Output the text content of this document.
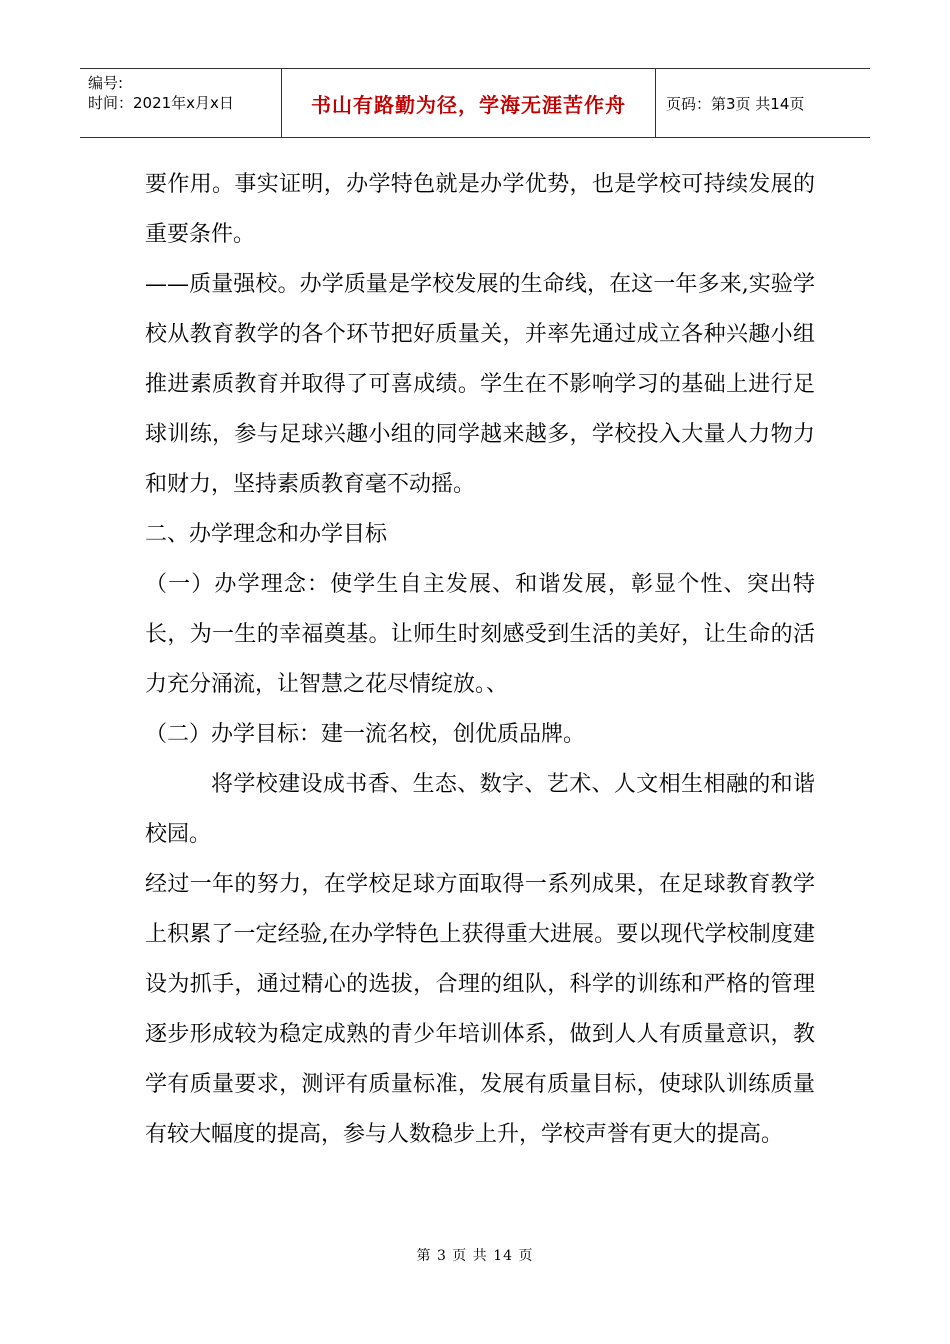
编号:
时间：2021年x月x日	书山有路勤为径，学海无涯苦作舟	页码：第3页 共14页

要作用。事实证明，办学特色就是办学优势，也是学校可持续发展的重要条件。

——质量强校。办学质量是学校发展的生命线，在这一年多来,实验学校从教育教学的各个环节把好质量关，并率先通过成立各种兴趣小组推进素质教育并取得了可喜成绩。学生在不影响学习的基础上进行足球训练，参与足球兴趣小组的同学越来越多，学校投入大量人力物力和财力，坚持素质教育毫不动摇。

二、办学理念和办学目标

（一）办学理念：使学生自主发展、和谐发展，彰显个性、突出特长，为一生的幸福奠基。让师生时刻感受到生活的美好，让生命的活力充分涌流，让智慧之花尽情绽放。、

（二）办学目标：建一流名校，创优质品牌。

将学校建设成书香、生态、数字、艺术、人文相生相融的和谐校园。

经过一年的努力，在学校足球方面取得一系列成果，在足球教育教学上积累了一定经验,在办学特色上获得重大进展。要以现代学校制度建设为抓手，通过精心的选拔，合理的组队，科学的训练和严格的管理逐步形成较为稳定成熟的青少年培训体系，做到人人有质量意识，教学有质量要求，测评有质量标准，发展有质量目标，使球队训练质量有较大幅度的提高，参与人数稳步上升，学校声誉有更大的提高。

第 3 页 共 14 页
